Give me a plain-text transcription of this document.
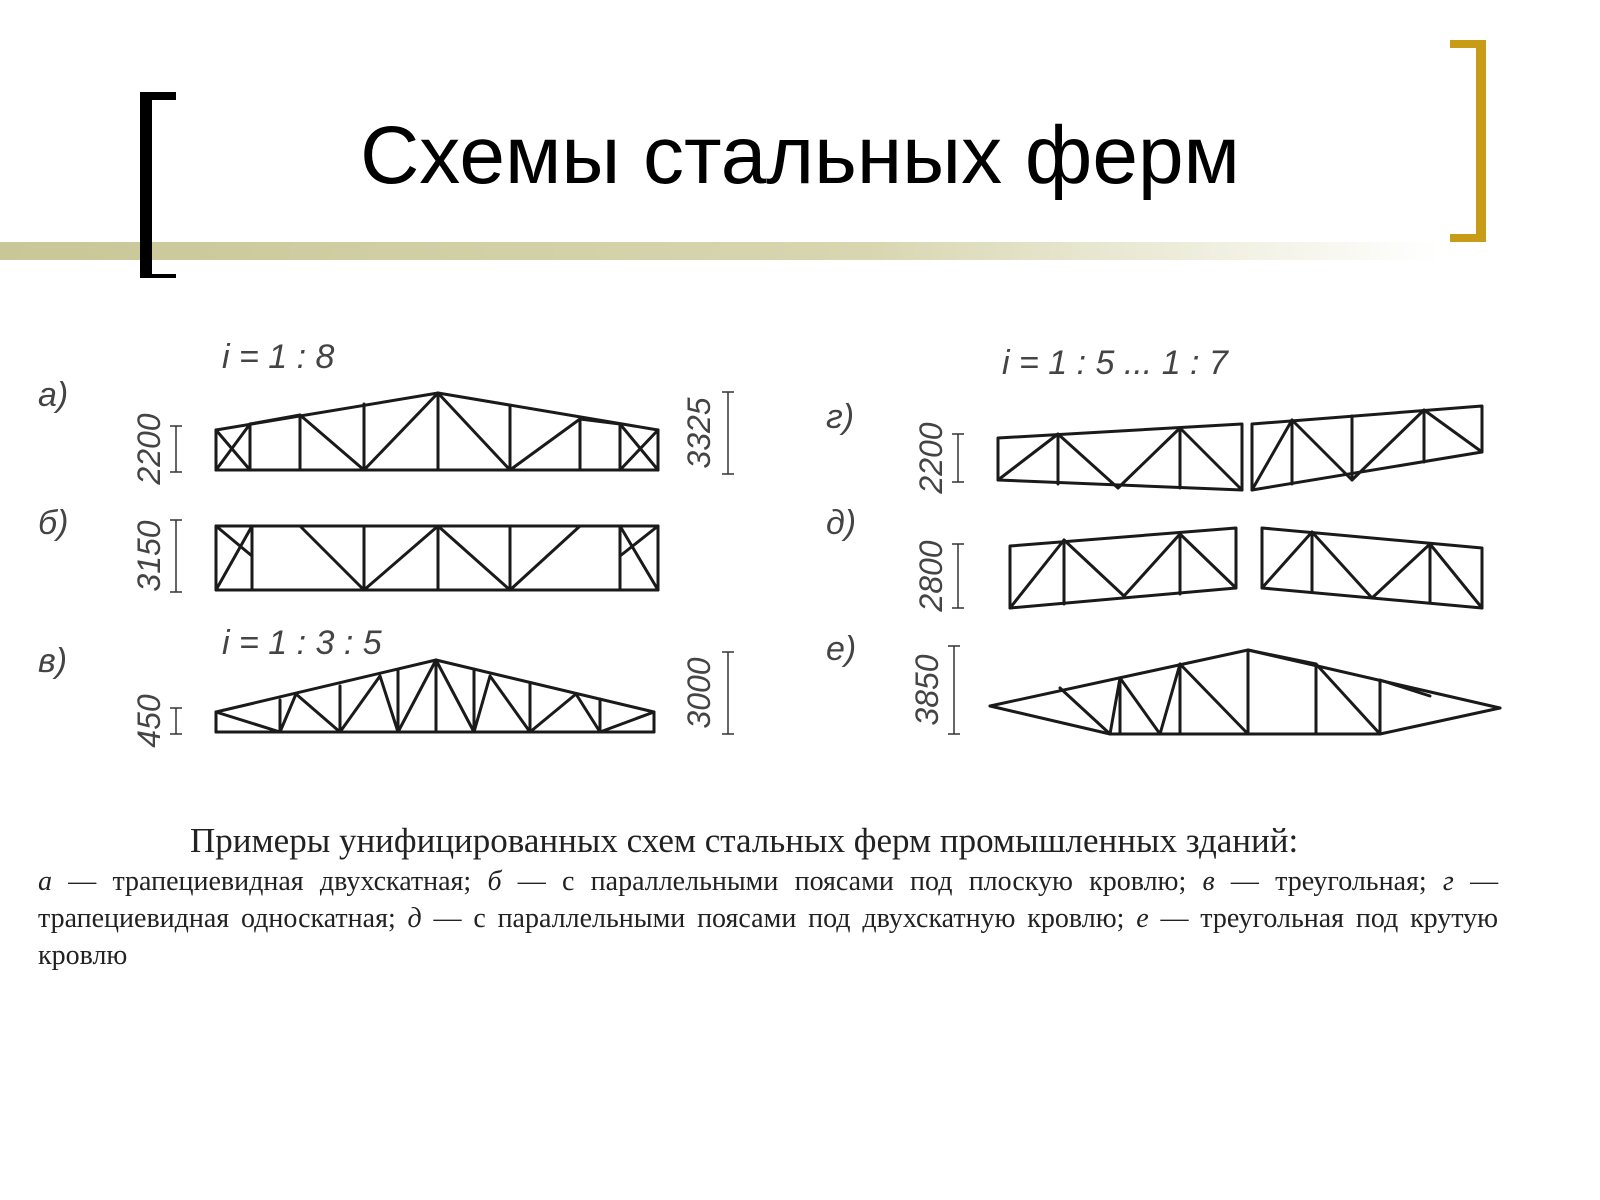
Схемы стальных ферм
а)
б)
в)
г)
д)
е)
i = 1 : 8
i = 1 : 3 : 5
i = 1 : 5 ... 1 : 7
2200	3325
3150
450	3000
2200
2800
3850

Примеры унифицированных схем стальных ферм промышленных зданий:

а — трапециевидная двухскатная; б — с параллельными поясами под плоскую кровлю; в — треугольная; г — трапециевидная односкатная; д — с параллельными поясами под двухскатную кровлю; е — треугольная под крутую кровлю
